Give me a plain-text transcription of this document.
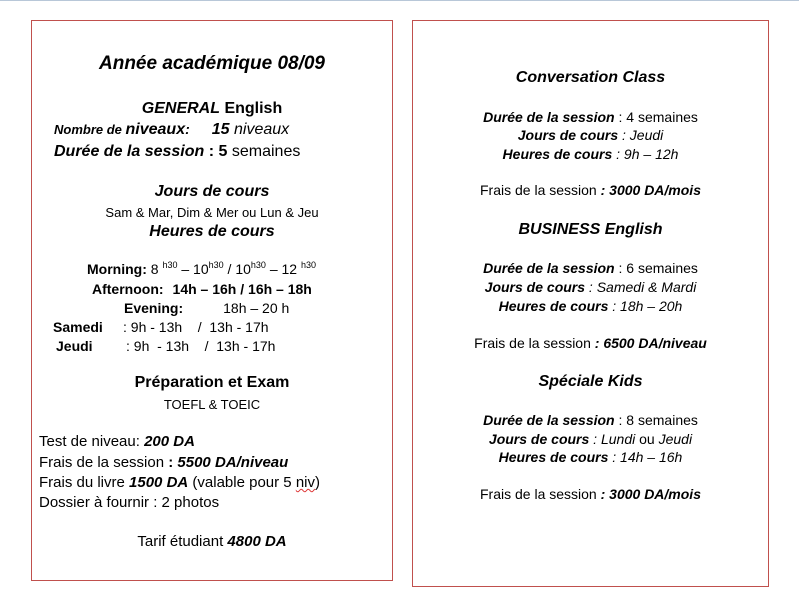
Année académique 08/09
GENERAL English
Nombre de niveaux: 15 niveaux
Durée de la session : 5 semaines
Jours de cours
Sam & Mar, Dim & Mer ou Lun & Jeu
Heures de cours
Morning: 8 $^{h30} - 10^{h30} / 10^{h30} - 12$ $^{h30}$
Afternoon: 14h – 16h / 16h – 18h
Evening:	18h – 20 h
Samedi : 9h - 13h    /  13h - 17h
Jeudi : 9h  - 13h    /  13h - 17h
Préparation et Exam
TOEFL & TOEIC
Test de niveau: 200 DA
Frais de la session : 5500 DA/niveau
Frais du livre 1500 DA (valable pour 5 niv)
Dossier à fournir : 2 photos
Tarif étudiant 4800 DA
Conversation Class
Durée de la session : 4 semaines
Jours de cours : Jeudi
Heures de cours : 9h – 12h
Frais de la session : 3000 DA/mois
BUSINESS English
Durée de la session : 6 semaines
Jours de cours : Samedi & Mardi
Heures de cours : 18h – 20h
Frais de la session : 6500 DA/niveau
Spéciale Kids
Durée de la session : 8 semaines
Jours de cours : Lundi ou Jeudi
Heures de cours : 14h – 16h
Frais de la session : 3000 DA/mois
